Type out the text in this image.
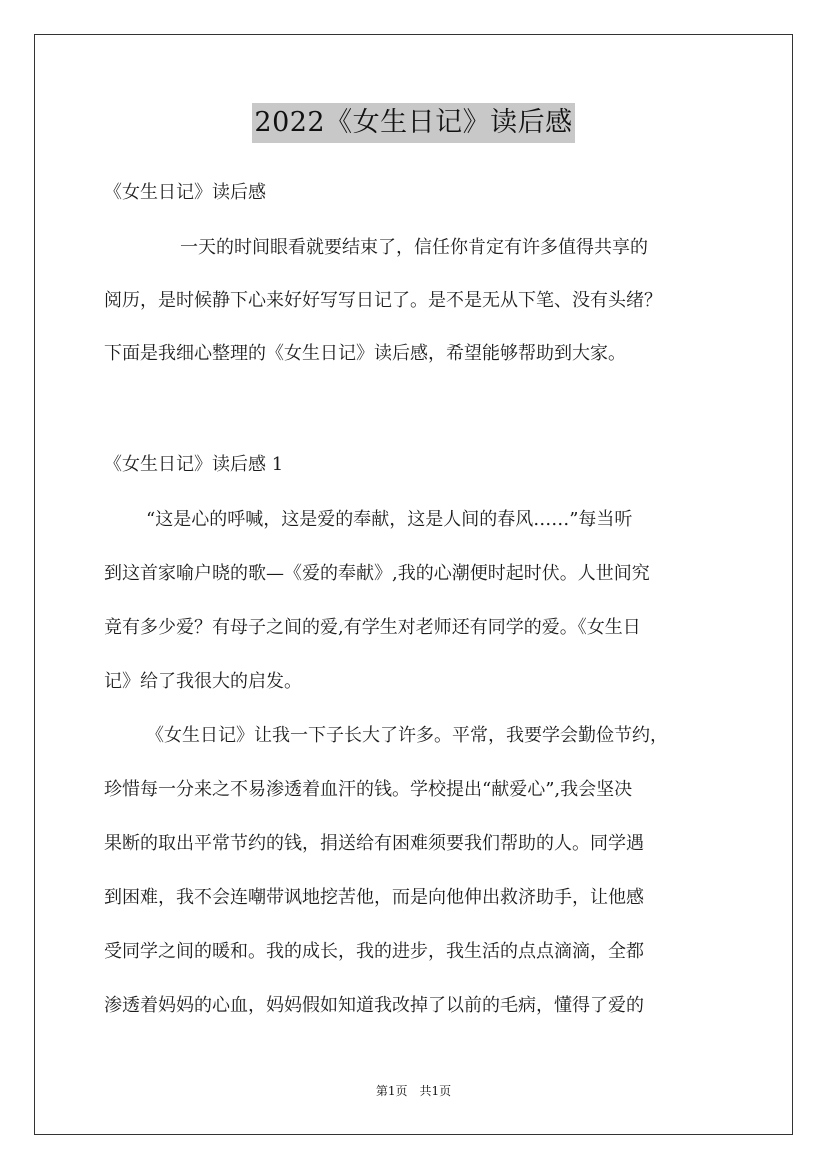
2022《女生日记》读后感
《女生日记》读后感
一天的时间眼看就要结束了，信任你肯定有许多值得共享的
阅历，是时候静下心来好好写写日记了。是不是无从下笔、没有头绪？
下面是我细心整理的《女生日记》读后感，希望能够帮助到大家。
《女生日记》读后感 1
“这是心的呼喊，这是爱的奉献，这是人间的春风……”每当听
到这首家喻户晓的歌—《爱的奉献》,我的心潮便时起时伏。人世间究
竟有多少爱？有母子之间的爱,有学生对老师还有同学的爱。《女生日
记》给了我很大的启发。
《女生日记》让我一下子长大了许多。平常，我要学会勤俭节约，
珍惜每一分来之不易渗透着血汗的钱。学校提出“献爱心”,我会坚决
果断的取出平常节约的钱，捐送给有困难须要我们帮助的人。同学遇
到困难，我不会连嘲带讽地挖苦他，而是向他伸出救济助手，让他感
受同学之间的暖和。我的成长，我的进步，我生活的点点滴滴，全都
渗透着妈妈的心血，妈妈假如知道我改掉了以前的毛病，懂得了爱的
第1页　共1页
